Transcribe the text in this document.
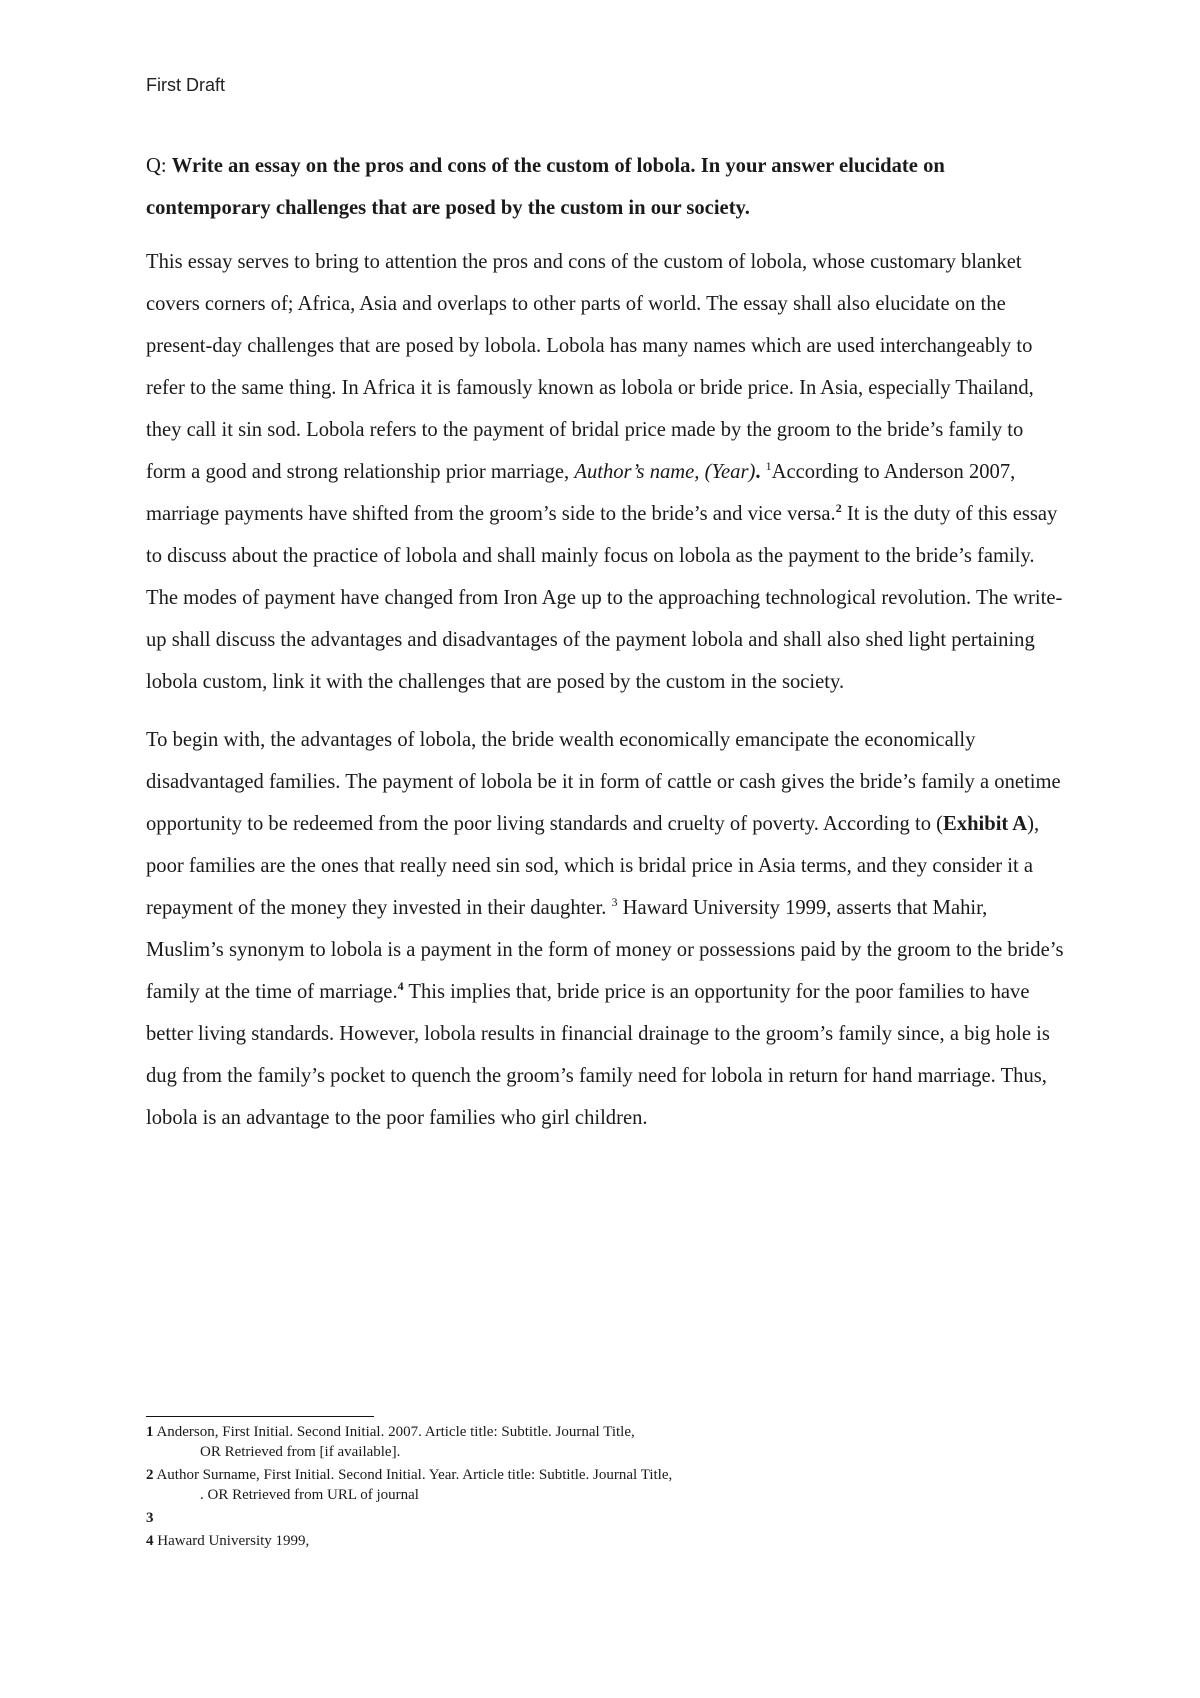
First Draft

Q: Write an essay on the pros and cons of the custom of lobola. In your answer elucidate on contemporary challenges that are posed by the custom in our society.

This essay serves to bring to attention the pros and cons of the custom of lobola, whose customary blanket covers corners of; Africa, Asia and overlaps to other parts of world. The essay shall also elucidate on the present-day challenges that are posed by lobola. Lobola has many names which are used interchangeably to refer to the same thing. In Africa it is famously known as lobola or bride price. In Asia, especially Thailand, they call it sin sod. Lobola refers to the payment of bridal price made by the groom to the bride’s family to form a good and strong relationship prior marriage, Author’s name, (Year). $^1$According to Anderson 2007, marriage payments have shifted from the groom’s side to the bride’s and vice versa.$^2$ It is the duty of this essay to discuss about the practice of lobola and shall mainly focus on lobola as the payment to the bride’s family. The modes of payment have changed from Iron Age up to the approaching technological revolution. The write-up shall discuss the advantages and disadvantages of the payment lobola and shall also shed light pertaining lobola custom, link it with the challenges that are posed by the custom in the society.

To begin with, the advantages of lobola, the bride wealth economically emancipate the economically disadvantaged families. The payment of lobola be it in form of cattle or cash gives the bride’s family a onetime opportunity to be redeemed from the poor living standards and cruelty of poverty. According to (Exhibit A), poor families are the ones that really need sin sod, which is bridal price in Asia terms, and they consider it a repayment of the money they invested in their daughter. $^3$ Haward University 1999, asserts that Mahir, Muslim’s synonym to lobola is a payment in the form of money or possessions paid by the groom to the bride’s family at the time of marriage.$^4$ This implies that, bride price is an opportunity for the poor families to have better living standards. However, lobola results in financial drainage to the groom’s family since, a big hole is dug from the family’s pocket to quench the groom’s family need for lobola in return for hand marriage. Thus, lobola is an advantage to the poor families who girl children.

1 Anderson, First Initial. Second Initial. 2007. Article title: Subtitle. Journal Title,
OR Retrieved from [if available].
2 Author Surname, First Initial. Second Initial. Year. Article title: Subtitle. Journal Title,
. OR Retrieved from URL of journal
3
4 Haward University 1999,
